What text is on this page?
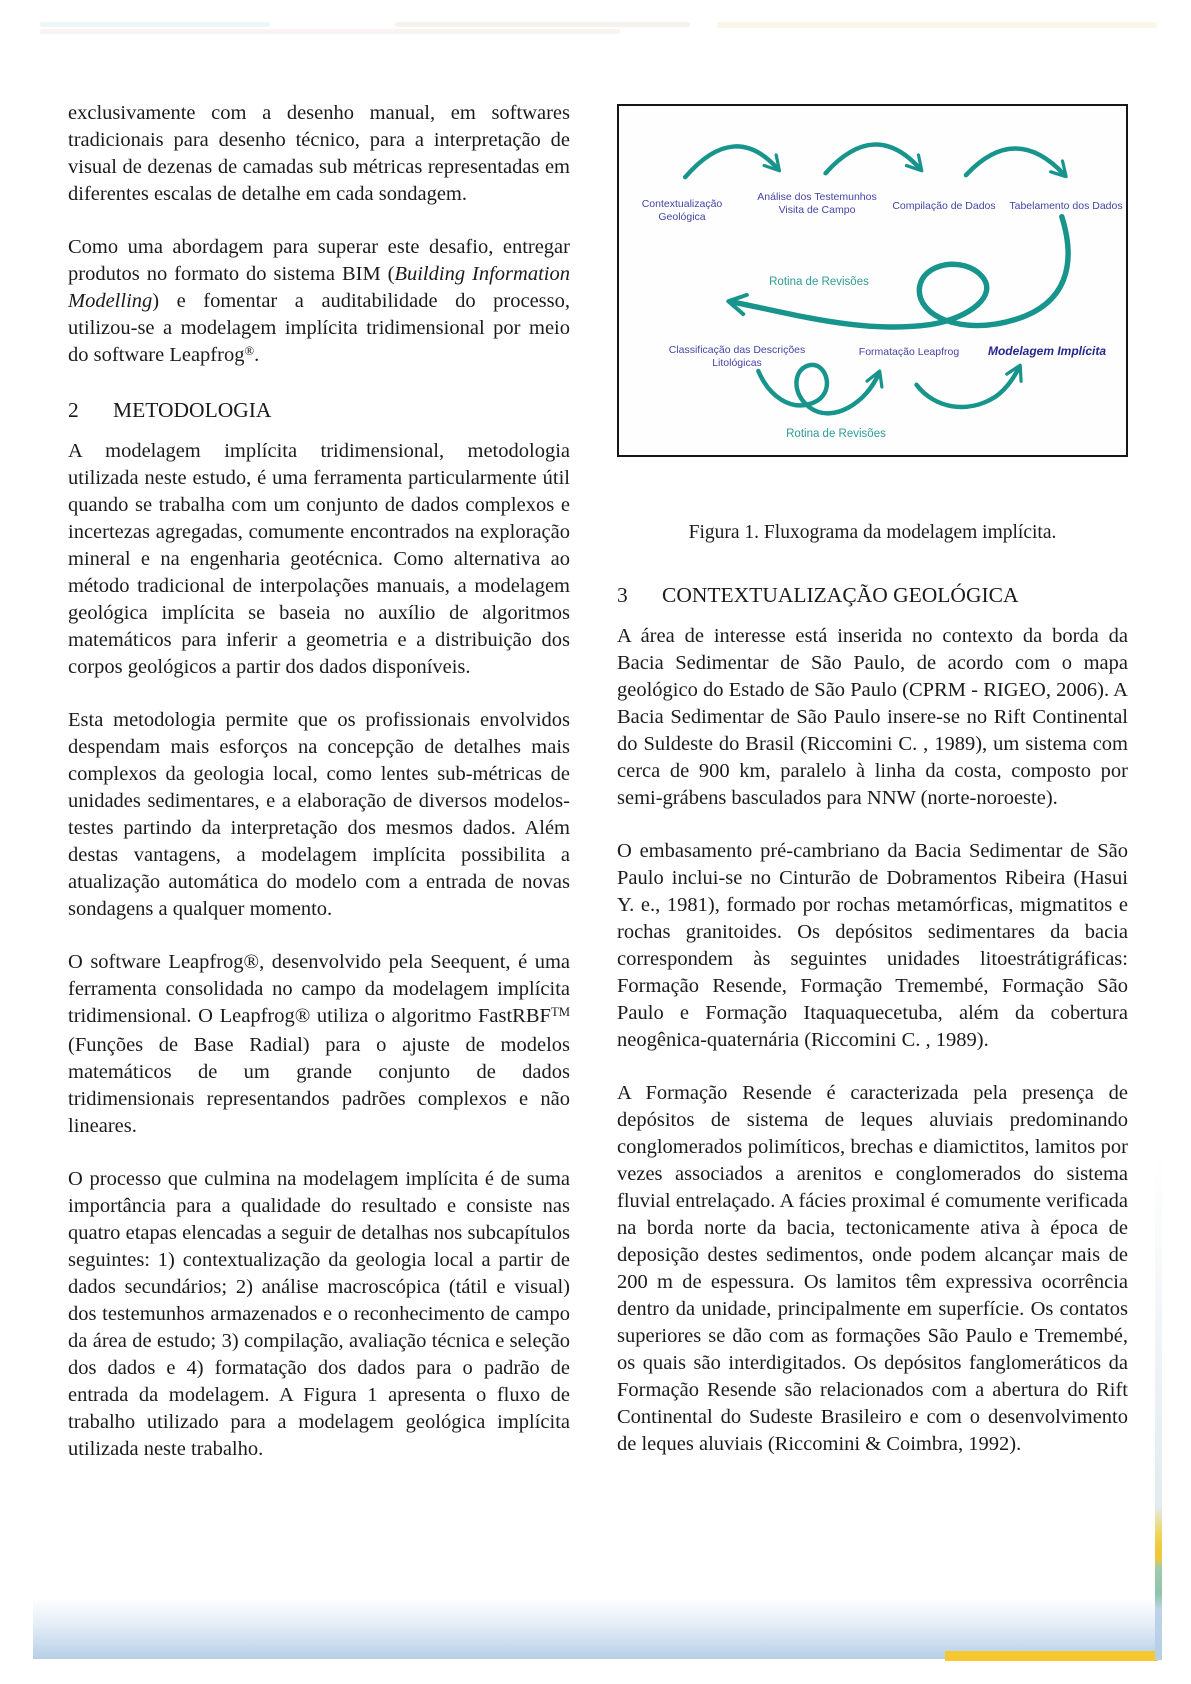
exclusivamente com a desenho manual, em softwares tradicionais para desenho técnico, para a interpretação de visual de dezenas de camadas sub métricas representadas em diferentes escalas de detalhe em cada sondagem.

Como uma abordagem para superar este desafio, entregar produtos no formato do sistema BIM (Building Information Modelling) e fomentar a auditabilidade do processo, utilizou-se a modelagem implícita tridimensional por meio do software Leapfrog®.

2	METODOLOGIA

A modelagem implícita tridimensional, metodologia utilizada neste estudo, é uma ferramenta particularmente útil quando se trabalha com um conjunto de dados complexos e incertezas agregadas, comumente encontrados na exploração mineral e na engenharia geotécnica. Como alternativa ao método tradicional de interpolações manuais, a modelagem geológica implícita se baseia no auxílio de algoritmos matemáticos para inferir a geometria e a distribuição dos corpos geológicos a partir dos dados disponíveis.

Esta metodologia permite que os profissionais envolvidos despendam mais esforços na concepção de detalhes mais complexos da geologia local, como lentes sub-métricas de unidades sedimentares, e a elaboração de diversos modelos-testes partindo da interpretação dos mesmos dados. Além destas vantagens, a modelagem implícita possibilita a atualização automática do modelo com a entrada de novas sondagens a qualquer momento.

O software Leapfrog®, desenvolvido pela Seequent, é uma ferramenta consolidada no campo da modelagem implícita tridimensional. O Leapfrog® utiliza o algoritmo FastRBF™ (Funções de Base Radial) para o ajuste de modelos matemáticos de um grande conjunto de dados tridimensionais representandos padrões complexos e não lineares.

O processo que culmina na modelagem implícita é de suma importância para a qualidade do resultado e consiste nas quatro etapas elencadas a seguir de detalhas nos subcapítulos seguintes: 1) contextualização da geologia local a partir de dados secundários; 2) análise macroscópica (tátil e visual) dos testemunhos armazenados e o reconhecimento de campo da área de estudo; 3) compilação, avaliação técnica e seleção dos dados e 4) formatação dos dados para o padrão de entrada da modelagem. A Figura 1 apresenta o fluxo de trabalho utilizado para a modelagem geológica implícita utilizada neste trabalho.

Contextualização Geológica
Análise dos Testemunhos
Visita de Campo	Compilação de Dados	Tabelamento dos Dados
Rotina de Revisões
Classificação das Descrições Litológicas
Formatação Leapfrog	Modelagem Implícita
Rotina de Revisões

Figura 1. Fluxograma da modelagem implícita.

3	CONTEXTUALIZAÇÃO GEOLÓGICA

A área de interesse está inserida no contexto da borda da Bacia Sedimentar de São Paulo, de acordo com o mapa geológico do Estado de São Paulo (CPRM - RIGEO, 2006). A Bacia Sedimentar de São Paulo insere-se no Rift Continental do Suldeste do Brasil (Riccomini C. , 1989), um sistema com cerca de 900 km, paralelo à linha da costa, composto por semi-grábens basculados para NNW (norte-noroeste).

O embasamento pré-cambriano da Bacia Sedimentar de São Paulo inclui-se no Cinturão de Dobramentos Ribeira (Hasui Y. e., 1981), formado por rochas metamórficas, migmatitos e rochas granitoides. Os depósitos sedimentares da bacia correspondem às seguintes unidades litoestrátigráficas: Formação Resende, Formação Tremembé, Formação São Paulo e Formação Itaquaquecetuba, além da cobertura neogênica-quaternária (Riccomini C. , 1989).

A Formação Resende é caracterizada pela presença de depósitos de sistema de leques aluviais predominando conglomerados polimíticos, brechas e diamictitos, lamitos por vezes associados a arenitos e conglomerados do sistema fluvial entrelaçado. A fácies proximal é comumente verificada na borda norte da bacia, tectonicamente ativa à época de deposição destes sedimentos, onde podem alcançar mais de 200 m de espessura. Os lamitos têm expressiva ocorrência dentro da unidade, principalmente em superfície. Os contatos superiores se dão com as formações São Paulo e Tremembé, os quais são interdigitados. Os depósitos fanglomeráticos da Formação Resende são relacionados com a abertura do Rift Continental do Sudeste Brasileiro e com o desenvolvimento de leques aluviais (Riccomini & Coimbra, 1992).
